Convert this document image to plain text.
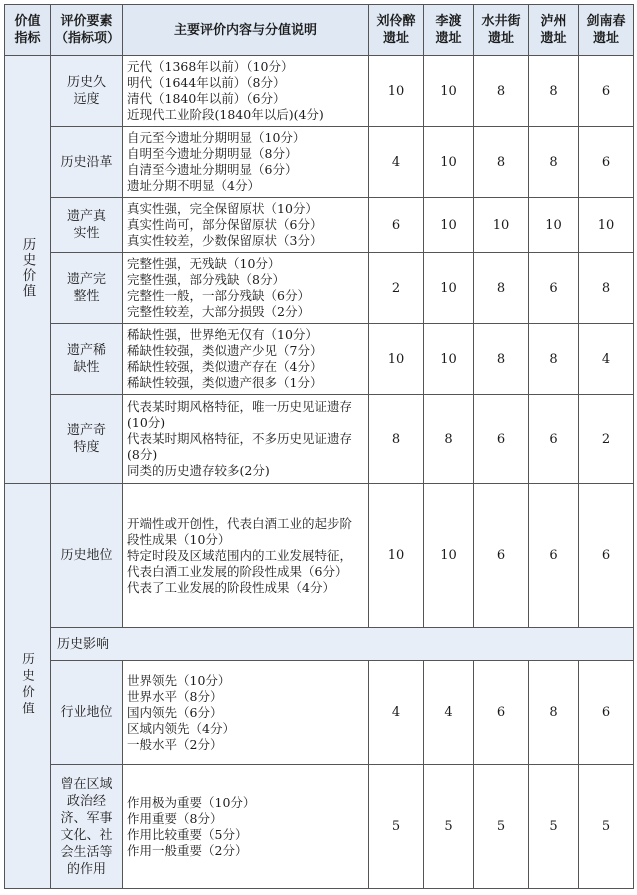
价值指标	评价要素（指标项）	主要评价内容与分值说明	刘伶醉遗址	李渡遗址	水井街遗址	泸州遗址	剑南春遗址
历史价值	历史久远度	元代（1368年以前）（10分）
明代（1644年以前）（8分）
清代（1840年以前）（6分）
近现代工业阶段(1840年以后)(4分)	10	10	8	8	6
	历史沿革	自元至今遗址分期明显（10分）
自明至今遗址分期明显（8分）
自清至今遗址分期明显（6分）
遗址分期不明显（4分）	4	10	8	8	6
	遗产真实性	真实性强，完全保留原状（10分）
真实性尚可，部分保留原状（6分）
真实性较差，少数保留原状（3分）	6	10	10	10	10
	遗产完整性	完整性强，无残缺（10分）
完整性强，部分残缺（8分）
完整性一般，一部分残缺（6分）
完整性较差，大部分损毁（2分）	2	10	8	6	8
	遗产稀缺性	稀缺性强，世界绝无仅有（10分）
稀缺性较强，类似遗产少见（7分）
稀缺性较强，类似遗产存在（4分）
稀缺性较强，类似遗产很多（1分）	10	10	8	8	4
	遗产奇特度	代表某时期风格特征，唯一历史见证遗存(10分)
代表某时期风格特征，不多历史见证遗存(8分)
同类的历史遗存较多(2分)	8	8	6	6	2
历史价值	历史地位	开端性或开创性，代表白酒工业的起步阶段性成果（10分）
特定时段及区域范围内的工业发展特征，代表白酒工业发展的阶段性成果（6分）
代表了工业发展的阶段性成果（4分）	10	10	6	6	6
	历史影响						
	行业地位	世界领先（10分）
世界水平（8分）
国内领先（6分）
区域内领先（4分）
一般水平（2分）	4	4	6	8	6
	曾在区域政治经济、军事文化、社会生活等的作用	作用极为重要（10分）
作用重要（8分）
作用比较重要（5分）
作用一般重要（2分）	5	5	5	5	5
